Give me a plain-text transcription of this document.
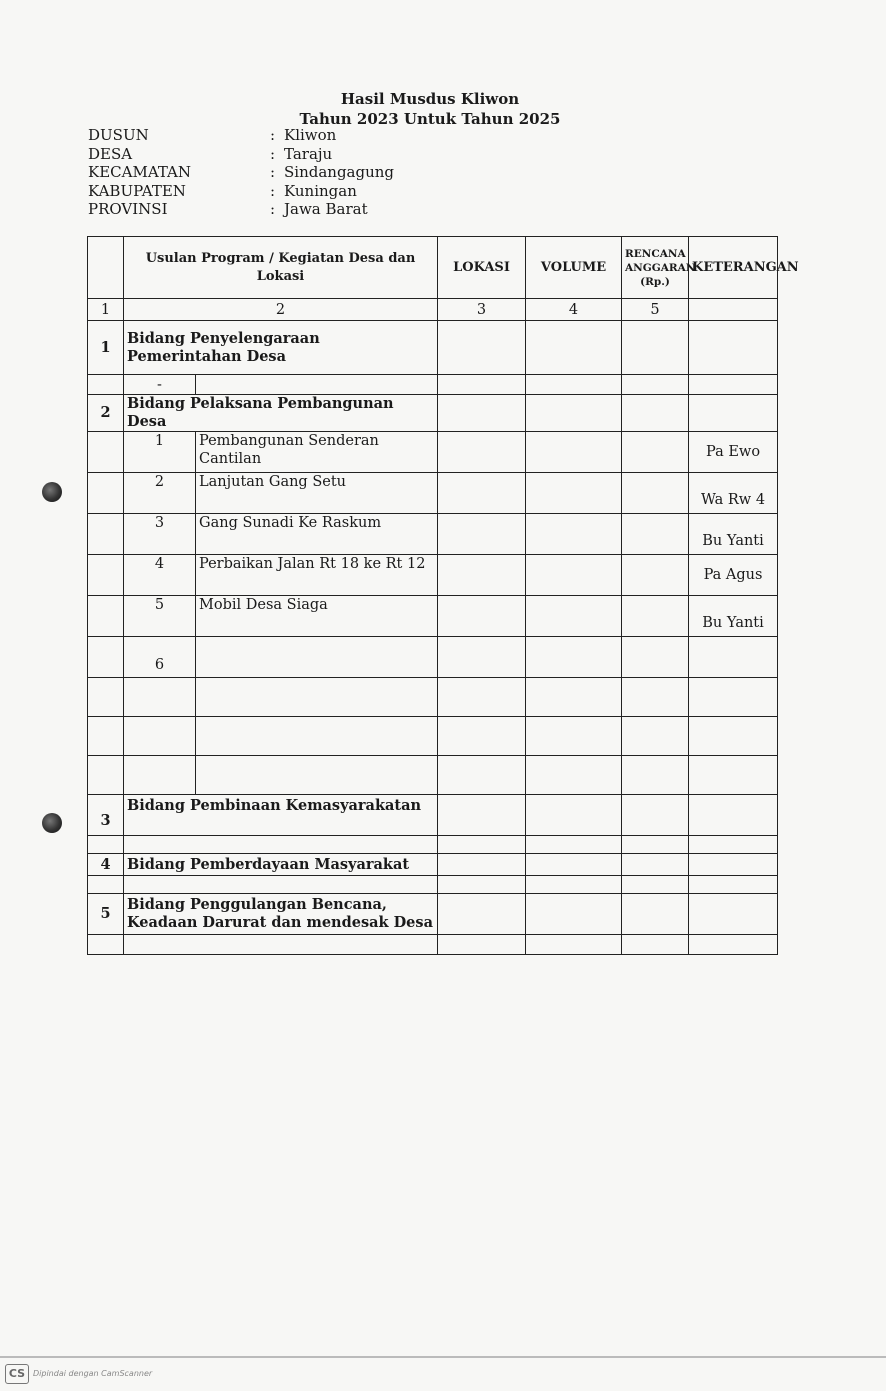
Hasil Musdus Kliwon
Tahun 2023 Untuk Tahun 2025
DUSUN	: Kliwon
DESA	: Taraju
KECAMATAN	: Sindangagung
KABUPATEN	: Kuningan
PROVINSI	: Jawa Barat
	Usulan Program / Kegiatan Desa dan Lokasi		LOKASI	VOLUME	RENCANA ANGGARAN (Rp.)	KETERANGAN
1	2		3	4	5	
1	Bidang Penyelengaraan Pemerintahan Desa					
	-					
2	Bidang Pelaksana Pembangunan Desa					
	1	Pembangunan Senderan Cantilan				Pa Ewo
	2	Lanjutan Gang Setu				Wa Rw 4
	3	Gang Sunadi Ke Raskum				Bu Yanti
	4	Perbaikan Jalan Rt 18 ke Rt 12				Pa Agus
	5	Mobil Desa Siaga				Bu Yanti
	6					

3	Bidang Pembinaan Kemasyarakatan					

4	Bidang Pemberdayaan Masyarakat					

5	Bidang Penggulangan Bencana, Keadaan Darurat dan mendesak Desa					

CS Dipindai dengan CamScanner
